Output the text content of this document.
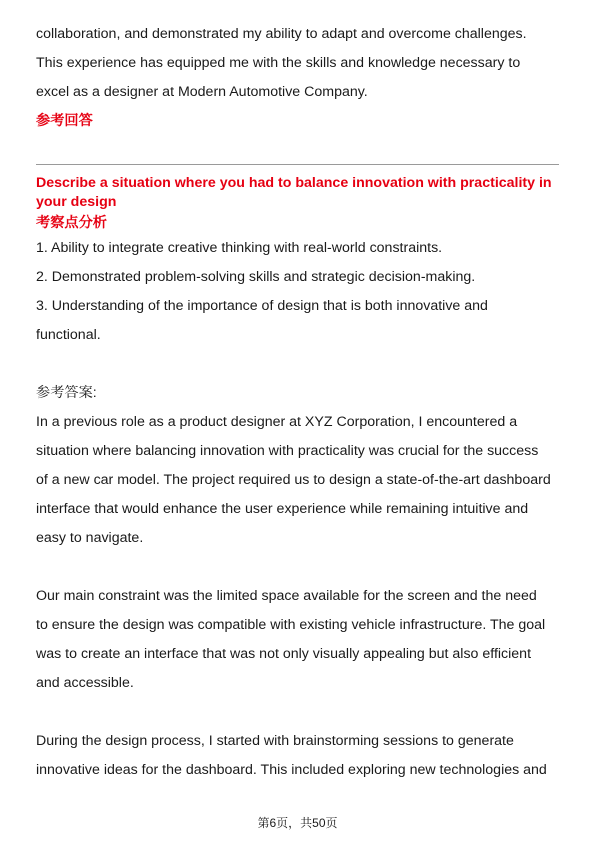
collaboration, and demonstrated my ability to adapt and overcome challenges.

This experience has equipped me with the skills and knowledge necessary to

excel as a designer at Modern Automotive Company.

参考回答

Describe a situation where you had to balance innovation with practicality in

your design

考察点分析

1. Ability to integrate creative thinking with real-world constraints.

2. Demonstrated problem-solving skills and strategic decision-making.

3. Understanding of the importance of design that is both innovative and

functional.

参考答案:

In a previous role as a product designer at XYZ Corporation, I encountered a

situation where balancing innovation with practicality was crucial for the success

of a new car model. The project required us to design a state-of-the-art dashboard

interface that would enhance the user experience while remaining intuitive and

easy to navigate.

Our main constraint was the limited space available for the screen and the need

to ensure the design was compatible with existing vehicle infrastructure. The goal

was to create an interface that was not only visually appealing but also efficient

and accessible.

During the design process, I started with brainstorming sessions to generate

innovative ideas for the dashboard. This included exploring new technologies and

第6页，共50页
